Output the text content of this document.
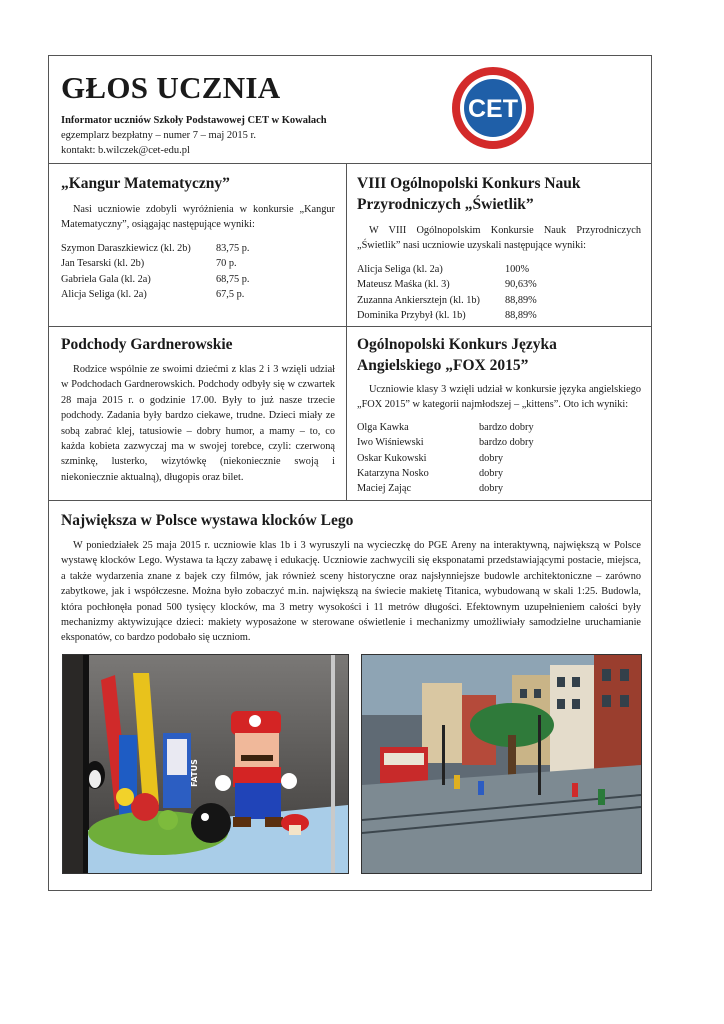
GŁOS UCZNIA
Informator uczniów Szkoły Podstawowej CET w Kowalach
egzemplarz bezpłatny – numer 7 – maj 2015 r.
kontakt: b.wilczek@cet-edu.pl
CET
„Kangur Matematyczny”

Nasi uczniowie zdobyli wyróżnienia w konkursie „Kangur Matematyczny”, osiągając następujące wyniki:

Szymon Daraszkiewicz (kl. 2b)	83,75 p.
Jan Tesarski (kl. 2b)	70 p.
Gabriela Gala (kl. 2a)	68,75 p.
Alicja Seliga (kl. 2a)	67,5 p.
VIII Ogólnopolski Konkurs Nauk Przyrodniczych „Świetlik”

W VIII Ogólnopolskim Konkursie Nauk Przyrodniczych „Świetlik” nasi uczniowie uzyskali następujące wyniki:

Alicja Seliga (kl. 2a)	100%
Mateusz Maśka (kl. 3)	90,63%
Zuzanna Ankiersztejn (kl. 1b)	88,89%
Dominika Przybył (kl. 1b)	88,89%
Podchody Gardnerowskie

Rodzice wspólnie ze swoimi dziećmi z klas 2 i 3 wzięli udział w Podchodach Gardnerowskich. Podchody odbyły się w czwartek 28 maja 2015 r. o godzinie 17.00. Były to już nasze trzecie podchody. Zadania były bardzo ciekawe, trudne. Dzieci miały ze sobą zabrać klej, tatusiowie – dobry humor, a mamy – to, co każda kobieta zazwyczaj ma w swojej torebce, czyli: czerwoną szminkę, lusterko, wizytówkę (niekoniecznie swoją i niekoniecznie aktualną), długopis oraz bilet.

Ogólnopolski Konkurs Języka Angielskiego „FOX 2015”

Uczniowie klasy 3 wzięli udział w konkursie języka angielskiego „FOX 2015” w kategorii najmłodszej – „kittens”. Oto ich wyniki:

Olga Kawka	bardzo dobry
Iwo Wiśniewski	bardzo dobry
Oskar Kukowski	dobry
Katarzyna Nosko	dobry
Maciej Zając	dobry
Największa w Polsce wystawa klocków Lego

W poniedziałek 25 maja 2015 r. uczniowie klas 1b i 3 wyruszyli na wycieczkę do PGE Areny na interaktywną, największą w Polsce wystawę klocków Lego. Wystawa ta łączy zabawę i edukację. Uczniowie zachwycili się eksponatami przedstawiającymi postacie, miejsca, a także wydarzenia znane z bajek czy filmów, jak również sceny historyczne oraz najsłynniejsze budowle architektoniczne – zarówno zabytkowe, jak i współczesne. Można było zobaczyć m.in. największą na świecie makietę Titanica, wybudowaną w skali 1:25. Budowla, która pochłonęła ponad 500 tysięcy klocków, ma 3 metry wysokości i 11 metrów długości. Efektownym uzupełnieniem całości były mechanizmy aktywizujące dzieci: makiety wyposażone w sterowane oświetlenie i mechanizmy umożliwiały samodzielne uruchamianie eksponatów, co bardzo podobało się uczniom.

FATUS
